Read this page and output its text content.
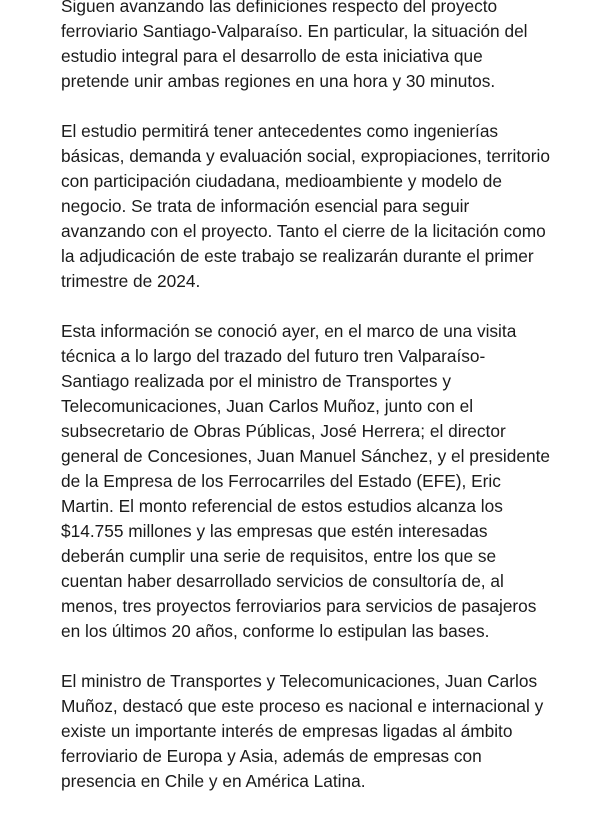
Siguen avanzando las definiciones respecto del proyecto
ferroviario Santiago-Valparaíso. En particular, la situación del
estudio integral para el desarrollo de esta iniciativa que
pretende unir ambas regiones en una hora y 30 minutos.

El estudio permitirá tener antecedentes como ingenierías
básicas, demanda y evaluación social, expropiaciones, territorio
con participación ciudadana, medioambiente y modelo de
negocio. Se trata de información esencial para seguir
avanzando con el proyecto. Tanto el cierre de la licitación como
la adjudicación de este trabajo se realizarán durante el primer
trimestre de 2024.

Esta información se conoció ayer, en el marco de una visita
técnica a lo largo del trazado del futuro tren Valparaíso-
Santiago realizada por el ministro de Transportes y
Telecomunicaciones, Juan Carlos Muñoz, junto con el
subsecretario de Obras Públicas, José Herrera; el director
general de Concesiones, Juan Manuel Sánchez, y el presidente
de la Empresa de los Ferrocarriles del Estado (EFE), Eric
Martin. El monto referencial de estos estudios alcanza los
$14.755 millones y las empresas que estén interesadas
deberán cumplir una serie de requisitos, entre los que se
cuentan haber desarrollado servicios de consultoría de, al
menos, tres proyectos ferroviarios para servicios de pasajeros
en los últimos 20 años, conforme lo estipulan las bases.

El ministro de Transportes y Telecomunicaciones, Juan Carlos
Muñoz, destacó que este proceso es nacional e internacional y
existe un importante interés de empresas ligadas al ámbito
ferroviario de Europa y Asia, además de empresas con
presencia en Chile y en América Latina.
